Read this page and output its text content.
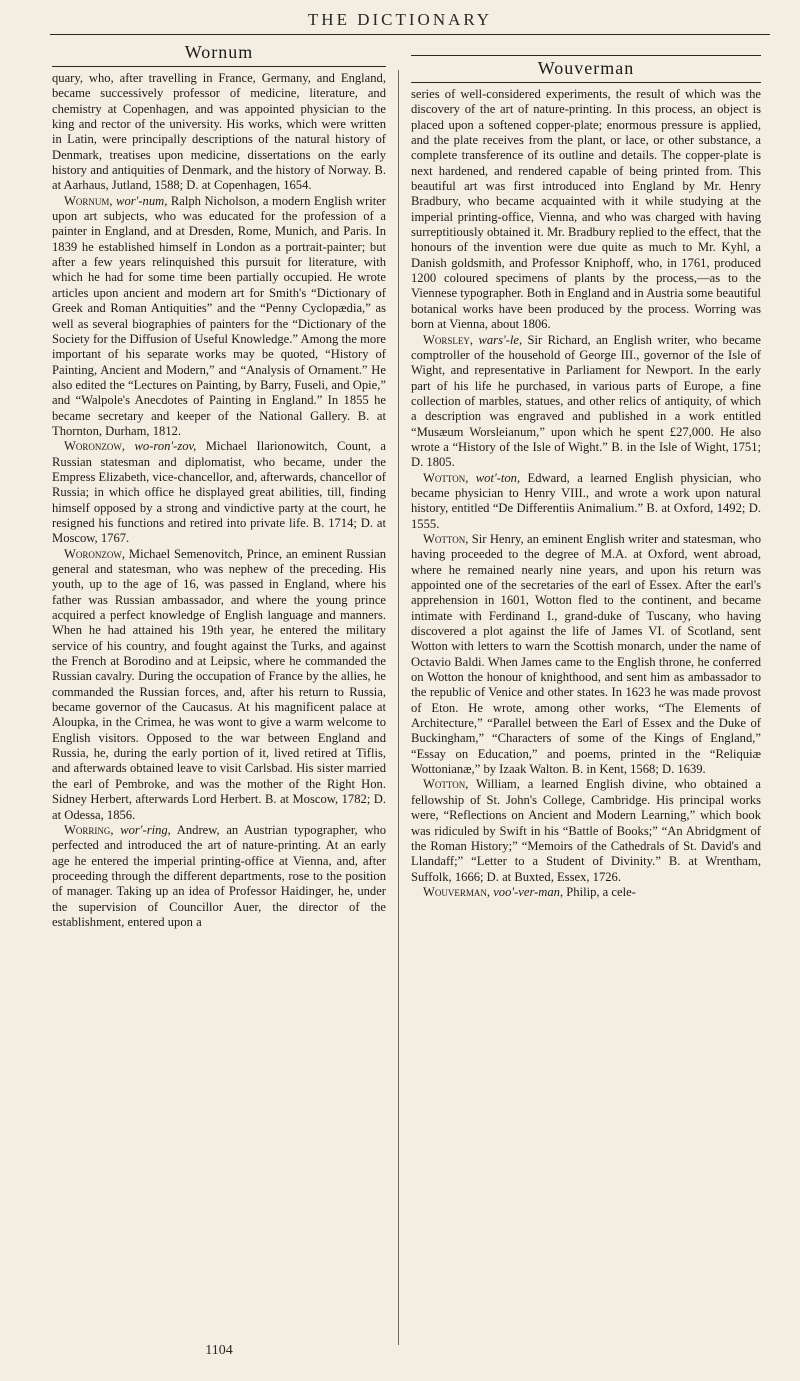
THE DICTIONARY
Wornum

quary, who, after travelling in France, Germany, and England, became successively professor of medicine, literature, and chemistry at Copenhagen, and was appointed physician to the king and rector of the university. His works, which were written in Latin, were principally descriptions of the natural history of Denmark, treatises upon medicine, dissertations on the early history and antiquities of Denmark, and the history of Norway. B. at Aarhaus, Jutland, 1588; D. at Copenhagen, 1654.

Wornum, wor'-num, Ralph Nicholson, a modern English writer upon art subjects, who was educated for the profession of a painter in England, and at Dresden, Rome, Munich, and Paris. In 1839 he established himself in London as a portrait-painter; but after a few years relinquished this pursuit for literature, with which he had for some time been partially occupied. He wrote articles upon ancient and modern art for Smith's “Dictionary of Greek and Roman Antiquities” and the “Penny Cyclopædia,” as well as several biographies of painters for the “Dictionary of the Society for the Diffusion of Useful Knowledge.” Among the more important of his separate works may be quoted, “History of Painting, Ancient and Modern,” and “Analysis of Ornament.” He also edited the “Lectures on Painting, by Barry, Fuseli, and Opie,” and “Walpole's Anecdotes of Painting in England.” In 1855 he became secretary and keeper of the National Gallery. B. at Thornton, Durham, 1812.

Woronzow, wo-ron'-zov, Michael Ilarionowitch, Count, a Russian statesman and diplomatist, who became, under the Empress Elizabeth, vice-chancellor, and, afterwards, chancellor of Russia; in which office he displayed great abilities, till, finding himself opposed by a strong and vindictive party at the court, he resigned his functions and retired into private life. B. 1714; D. at Moscow, 1767.

Woronzow, Michael Semenovitch, Prince, an eminent Russian general and statesman, who was nephew of the preceding. His youth, up to the age of 16, was passed in England, where his father was Russian ambassador, and where the young prince acquired a perfect knowledge of English language and manners. When he had attained his 19th year, he entered the military service of his country, and fought against the Turks, and against the French at Borodino and at Leipsic, where he commanded the Russian cavalry. During the occupation of France by the allies, he commanded the Russian forces, and, after his return to Russia, became governor of the Caucasus. At his magnificent palace at Aloupka, in the Crimea, he was wont to give a warm welcome to English visitors. Opposed to the war between England and Russia, he, during the early portion of it, lived retired at Tiflis, and afterwards obtained leave to visit Carlsbad. His sister married the earl of Pembroke, and was the mother of the Right Hon. Sidney Herbert, afterwards Lord Herbert. B. at Moscow, 1782; D. at Odessa, 1856.

Worring, wor'-ring, Andrew, an Austrian typographer, who perfected and introduced the art of nature-printing. At an early age he entered the imperial printing-office at Vienna, and, after proceeding through the different departments, rose to the position of manager. Taking up an idea of Professor Haidinger, he, under the supervision of Councillor Auer, the director of the establishment, entered upon a

Wouverman

series of well-considered experiments, the result of which was the discovery of the art of nature-printing. In this process, an object is placed upon a softened copper-plate; enormous pressure is applied, and the plate receives from the plant, or lace, or other substance, a complete transference of its outline and details. The copper-plate is next hardened, and rendered capable of being printed from. This beautiful art was first introduced into England by Mr. Henry Bradbury, who became acquainted with it while studying at the imperial printing-office, Vienna, and who was charged with having surreptitiously obtained it. Mr. Bradbury replied to the effect, that the honours of the invention were due quite as much to Mr. Kyhl, a Danish goldsmith, and Professor Kniphoff, who, in 1761, produced 1200 coloured specimens of plants by the process,—as to the Viennese typographer. Both in England and in Austria some beautiful botanical works have been produced by the process. Worring was born at Vienna, about 1806.

Worsley, wars'-le, Sir Richard, an English writer, who became comptroller of the household of George III., governor of the Isle of Wight, and representative in Parliament for Newport. In the early part of his life he purchased, in various parts of Europe, a fine collection of marbles, statues, and other relics of antiquity, of which a description was engraved and published in a work entitled “Musæum Worsleianum,” upon which he spent £27,000. He also wrote a “History of the Isle of Wight.” B. in the Isle of Wight, 1751; D. 1805.

Wotton, wot'-ton, Edward, a learned English physician, who became physician to Henry VIII., and wrote a work upon natural history, entitled “De Differentiis Animalium.” B. at Oxford, 1492; D. 1555.

Wotton, Sir Henry, an eminent English writer and statesman, who having proceeded to the degree of M.A. at Oxford, went abroad, where he remained nearly nine years, and upon his return was appointed one of the secretaries of the earl of Essex. After the earl's apprehension in 1601, Wotton fled to the continent, and became intimate with Ferdinand I., grand-duke of Tuscany, who having discovered a plot against the life of James VI. of Scotland, sent Wotton with letters to warn the Scottish monarch, under the name of Octavio Baldi. When James came to the English throne, he conferred on Wotton the honour of knighthood, and sent him as ambassador to the republic of Venice and other states. In 1623 he was made provost of Eton. He wrote, among other works, “The Elements of Architecture,” “Parallel between the Earl of Essex and the Duke of Buckingham,” “Characters of some of the Kings of England,” “Essay on Education,” and poems, printed in the “Reliquiæ Wottonianæ,” by Izaak Walton. B. in Kent, 1568; D. 1639.

Wotton, William, a learned English divine, who obtained a fellowship of St. John's College, Cambridge. His principal works were, “Reflections on Ancient and Modern Learning,” which book was ridiculed by Swift in his “Battle of Books;” “An Abridgment of the Roman History;” “Memoirs of the Cathedrals of St. David's and Llandaff;” “Letter to a Student of Divinity.” B. at Wrentham, Suffolk, 1666; D. at Buxted, Essex, 1726.

Wouverman, voo'-ver-man, Philip, a cele-

1104
